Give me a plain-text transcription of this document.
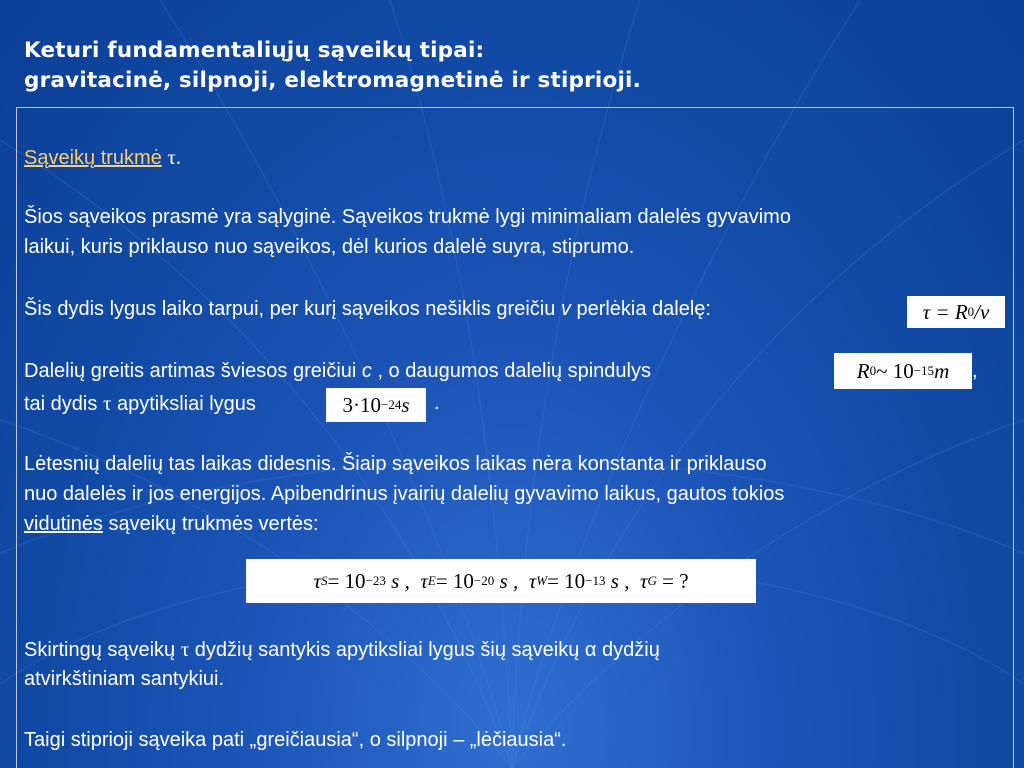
Keturi fundamentaliųjų sąveikų tipai:
gravitacinė, silpnoji, elektromagnetinė ir stiprioji.
Sąveikų trukmė τ.
Šios sąveikos prasmė yra sąlyginė. Sąveikos trukmė lygi minimaliam dalelės gyvavimo
laikui, kuris priklauso nuo sąveikos, dėl kurios dalelė suyra, stiprumo.
Šis dydis lygus laiko tarpui, per kurį sąveikos nešiklis greičiu v perlėkia dalelę:	τ = R 0 /v
Dalelių greitis artimas šviesos greičiui c , o daugumos dalelių spindulys	,
R 0 ~ 10 −15 m
tai dydis τ apytiksliai lygus	3·10 −24 s .
Lėtesnių dalelių tas laikas didesnis. Šiaip sąveikos laikas nėra konstanta ir priklauso
nuo dalelės ir jos energijos. Apibendrinus įvairių dalelių gyvavimo laikus, gautos tokios
vidutinės sąveikų trukmės vertės:
τ S = 10 −23 s , τ E = 10 −20 s , τ W = 10 −13 s , τ G = ?
Skirtingų sąveikų τ dydžių santykis apytiksliai lygus šių sąveikų α dydžių
atvirkštiniam santykiui.
Taigi stiprioji sąveika pati „greičiausia“, o silpnoji – „lėčiausia“.
